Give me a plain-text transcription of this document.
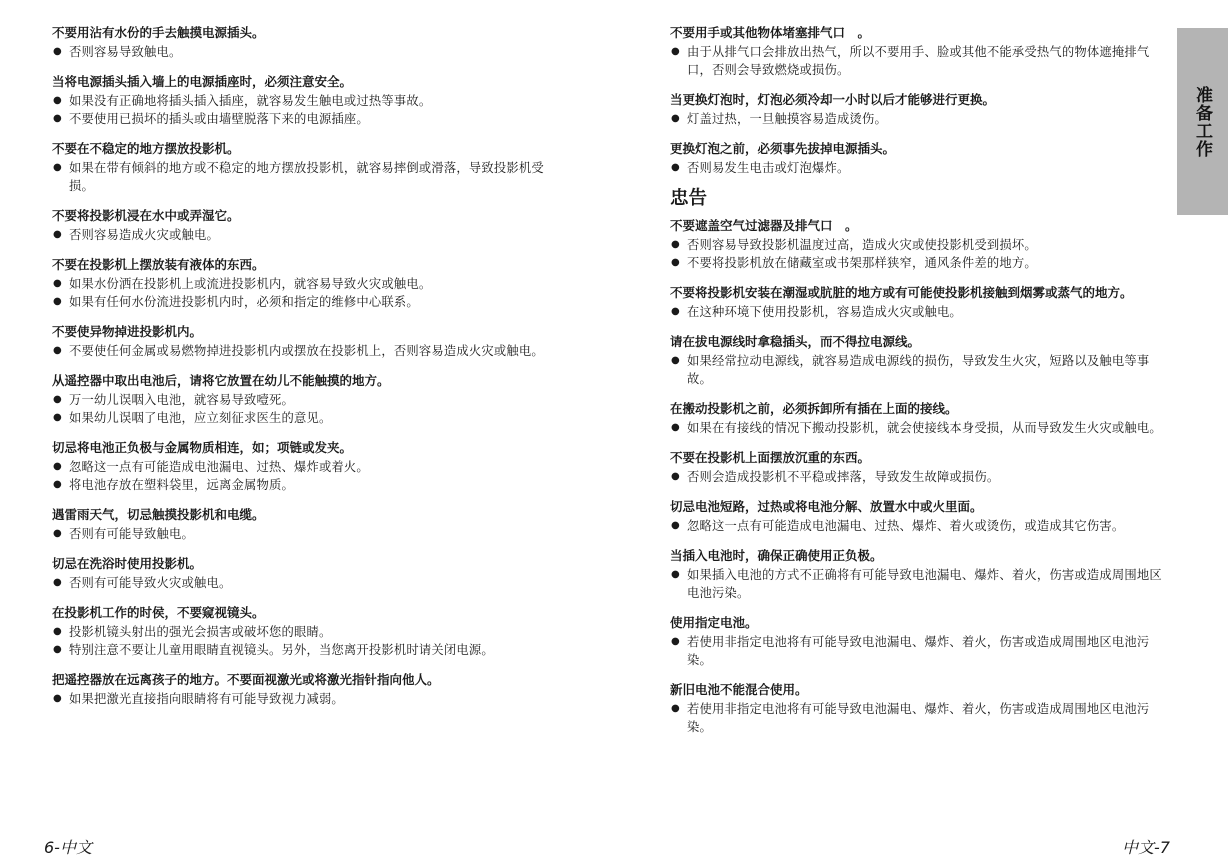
不要用沾有水份的手去触摸电源插头。
● 否则容易导致触电。
当将电源插头插入墙上的电源插座时，必须注意安全。
● 如果没有正确地将插头插入插座，就容易发生触电或过热等事故。
● 不要使用已损坏的插头或由墙壁脱落下来的电源插座。
不要在不稳定的地方摆放投影机。
● 如果在带有倾斜的地方或不稳定的地方摆放投影机，就容易摔倒或滑落，导致投影机受损。
不要将投影机浸在水中或弄湿它。
● 否则容易造成火灾或触电。
不要在投影机上摆放装有液体的东西。
● 如果水份洒在投影机上或流进投影机内，就容易导致火灾或触电。
● 如果有任何水份流进投影机内时，必须和指定的维修中心联系。
不要使异物掉进投影机内。
● 不要使任何金属或易燃物掉进投影机内或摆放在投影机上，否则容易造成火灾或触电。
从遥控器中取出电池后，请将它放置在幼儿不能触摸的地方。
● 万一幼儿误咽入电池，就容易导致噎死。
● 如果幼儿误咽了电池，应立刻征求医生的意见。
切忌将电池正负极与金属物质相连，如；项链或发夹。
● 忽略这一点有可能造成电池漏电、过热、爆炸或着火。
● 将电池存放在塑料袋里，远离金属物质。
遇雷雨天气，切忌触摸投影机和电缆。
● 否则有可能导致触电。
切忌在洗浴时使用投影机。
● 否则有可能导致火灾或触电。
在投影机工作的时侯，不要窥视镜头。
● 投影机镜头射出的强光会损害或破坏您的眼睛。
● 特别注意不要让儿童用眼睛直视镜头。另外，当您离开投影机时请关闭电源。
把遥控器放在远离孩子的地方。不要面视激光或将激光指针指向他人。
● 如果把激光直接指向眼睛将有可能导致视力减弱。
不要用手或其他物体堵塞排气口　。
● 由于从排气口会排放出热气，所以不要用手、脸或其他不能承受热气的物体遮掩排气口，否则会导致燃烧或损伤。
当更换灯泡时，灯泡必须冷却一小时以后才能够进行更换。
● 灯盖过热，一旦触摸容易造成烫伤。
更换灯泡之前，必须事先拔掉电源插头。
● 否则易发生电击或灯泡爆炸。
忠告
不要遮盖空气过滤器及排气口　。
● 否则容易导致投影机温度过高，造成火灾或使投影机受到损坏。
● 不要将投影机放在储藏室或书架那样狭窄，通风条件差的地方。
不要将投影机安装在潮湿或肮脏的地方或有可能使投影机接触到烟雾或蒸气的地方。
● 在这种环境下使用投影机，容易造成火灾或触电。
请在拔电源线时拿稳插头，而不得拉电源线。
● 如果经常拉动电源线，就容易造成电源线的损伤，导致发生火灾，短路以及触电等事故。
在搬动投影机之前，必须拆卸所有插在上面的接线。
● 如果在有接线的情况下搬动投影机，就会使接线本身受损，从而导致发生火灾或触电。
不要在投影机上面摆放沉重的东西。
● 否则会造成投影机不平稳或摔落，导致发生故障或损伤。
切忌电池短路，过热或将电池分解、放置水中或火里面。
● 忽略这一点有可能造成电池漏电、过热、爆炸、着火或烫伤，或造成其它伤害。
当插入电池时，确保正确使用正负极。
● 如果插入电池的方式不正确将有可能导致电池漏电、爆炸、着火，伤害或造成周围地区电池污染。
使用指定电池。
● 若使用非指定电池将有可能导致电池漏电、爆炸、着火，伤害或造成周围地区电池污染。
新旧电池不能混合使用。
● 若使用非指定电池将有可能导致电池漏电、爆炸、着火，伤害或造成周围地区电池污染。
准备工作
6-中文	中文-7
